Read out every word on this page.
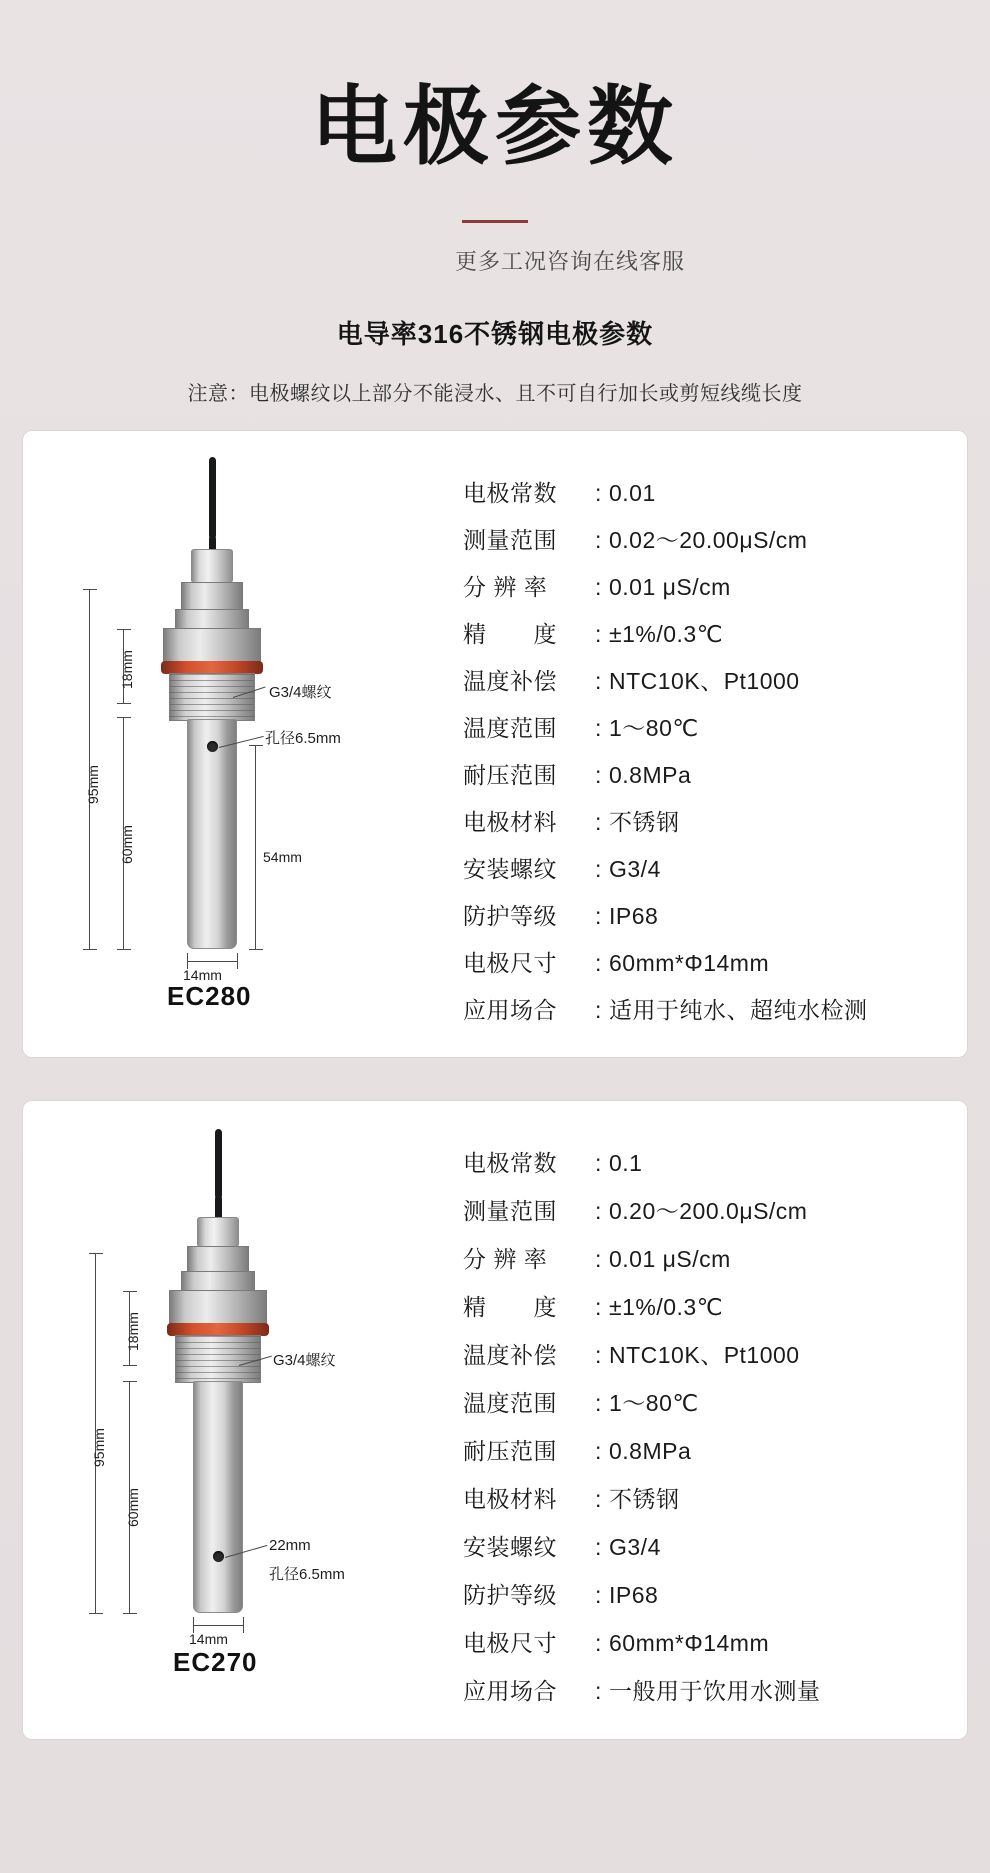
电极参数
更多工况咨询在线客服
电导率316不锈钢电极参数
注意：电极螺纹以上部分不能浸水、且不可自行加长或剪短线缆长度
95mm
18mm
60mm	54mm
14mm
G3/4螺纹
孔径6.5mm
EC280
电极常数	: 0.01
测量范围	: 0.02～20.00μS/cm
分 辨 率	: 0.01 μS/cm
精　　度	: ±1%/0.3℃
温度补偿	: NTC10K、Pt1000
温度范围	: 1～80℃
耐压范围	: 0.8MPa
电极材料	: 不锈钢
安装螺纹	: G3/4
防护等级	: IP68
电极尺寸	: 60mm*Φ14mm
应用场合	: 适用于纯水、超纯水检测
95mm
18mm
60mm
22mm
孔径6.5mm
14mm
G3/4螺纹
EC270
电极常数	: 0.1
测量范围	: 0.20～200.0μS/cm
分 辨 率	: 0.01 μS/cm
精　　度	: ±1%/0.3℃
温度补偿	: NTC10K、Pt1000
温度范围	: 1～80℃
耐压范围	: 0.8MPa
电极材料	: 不锈钢
安装螺纹	: G3/4
防护等级	: IP68
电极尺寸	: 60mm*Φ14mm
应用场合	: 一般用于饮用水测量
